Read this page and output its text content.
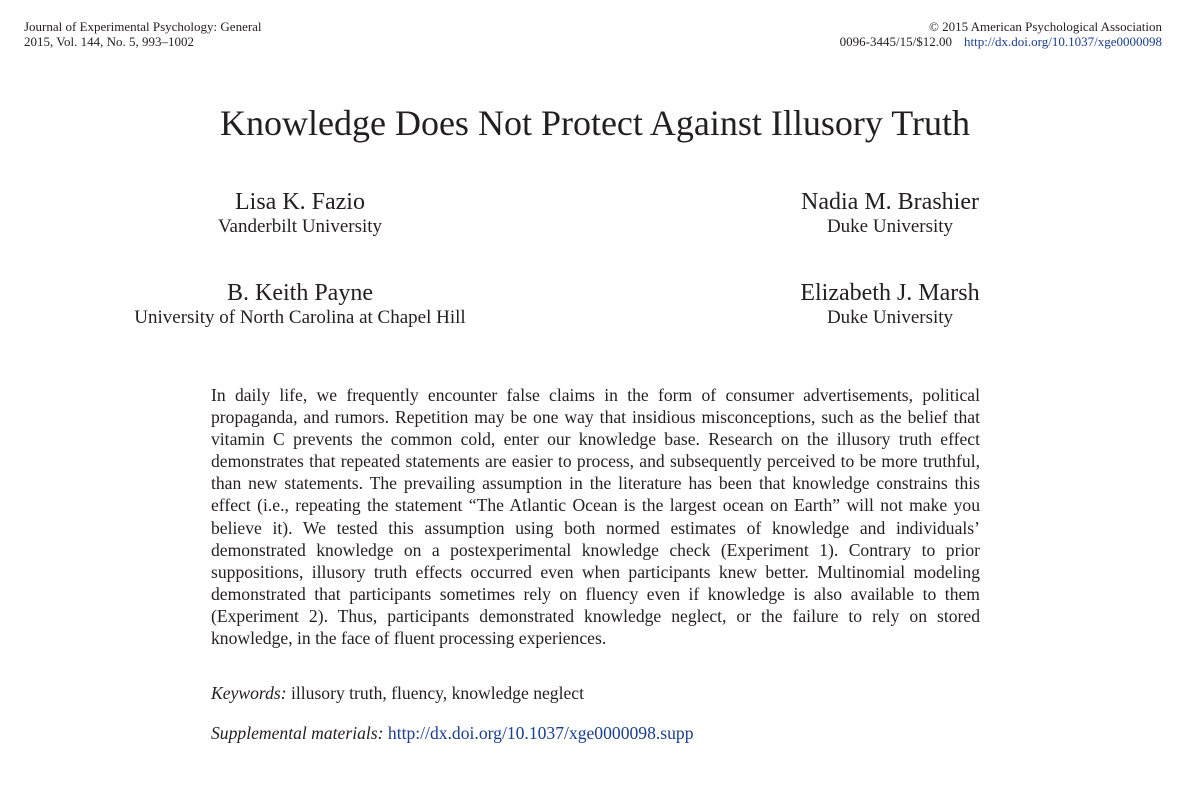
Journal of Experimental Psychology: General
2015, Vol. 144, No. 5, 993–1002
© 2015 American Psychological Association
0096-3445/15/$12.00 http://dx.doi.org/10.1037/xge0000098
Knowledge Does Not Protect Against Illusory Truth
Lisa K. Fazio
Vanderbilt University
Nadia M. Brashier
Duke University
B. Keith Payne
University of North Carolina at Chapel Hill
Elizabeth J. Marsh
Duke University

In daily life, we frequently encounter false claims in the form of consumer advertisements, political propaganda, and rumors. Repetition may be one way that insidious misconceptions, such as the belief that vitamin C prevents the common cold, enter our knowledge base. Research on the illusory truth effect demonstrates that repeated statements are easier to process, and subsequently perceived to be more truthful, than new statements. The prevailing assumption in the literature has been that knowledge constrains this effect (i.e., repeating the statement “The Atlantic Ocean is the largest ocean on Earth” will not make you believe it). We tested this assumption using both normed estimates of knowledge and individuals’ demonstrated knowledge on a postexperimental knowledge check (Experiment 1). Contrary to prior suppositions, illusory truth effects occurred even when participants knew better. Multinomial modeling demonstrated that participants sometimes rely on fluency even if knowledge is also available to them (Experiment 2). Thus, participants demonstrated knowledge neglect, or the failure to rely on stored knowledge, in the face of fluent processing experiences.

Keywords: illusory truth, fluency, knowledge neglect
Supplemental materials: http://dx.doi.org/10.1037/xge0000098.supp
